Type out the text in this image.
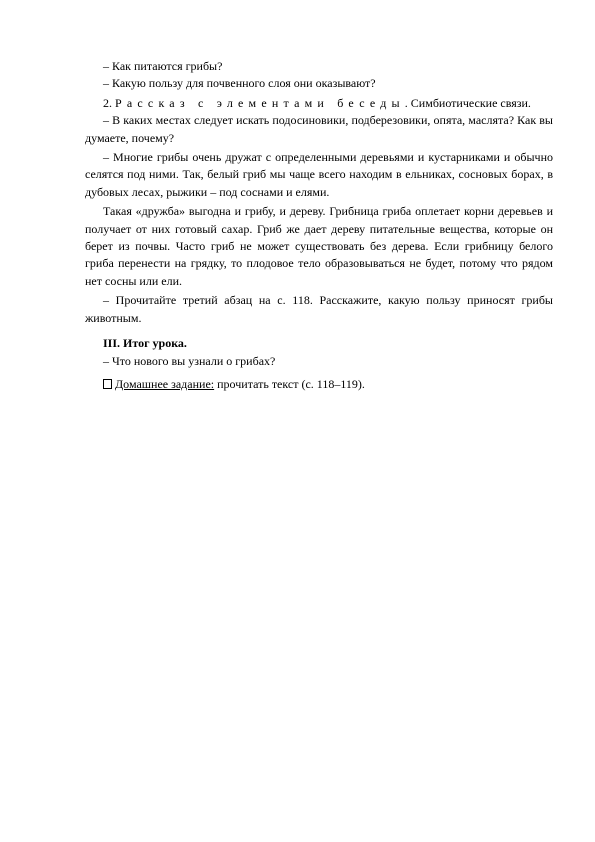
– Как питаются грибы?

– Какую пользу для почвенного слоя они оказывают?

2. Рассказ с элементами беседы. Симбиотические связи.

– В каких местах следует искать подосиновики, подберезовики, опята, маслята? Как вы думаете, почему?

– Многие грибы очень дружат с определенными деревьями и кустарниками и обычно селятся под ними. Так, белый гриб мы чаще всего находим в ельниках, сосновых борах, в дубовых лесах, рыжики – под соснами и елями.

Такая «дружба» выгодна и грибу, и дереву. Грибница гриба оплетает корни деревьев и получает от них готовый сахар. Гриб же дает дереву питательные вещества, которые он берет из почвы. Часто гриб не может существовать без дерева. Если грибницу белого гриба перенести на грядку, то плодовое тело образовываться не будет, потому что рядом нет сосны или ели.

– Прочитайте третий абзац на с. 118. Расскажите, какую пользу приносят грибы животным.

III. Итог урока.

– Что нового вы узнали о грибах?

Домашнее задание: прочитать текст (с. 118–119).
